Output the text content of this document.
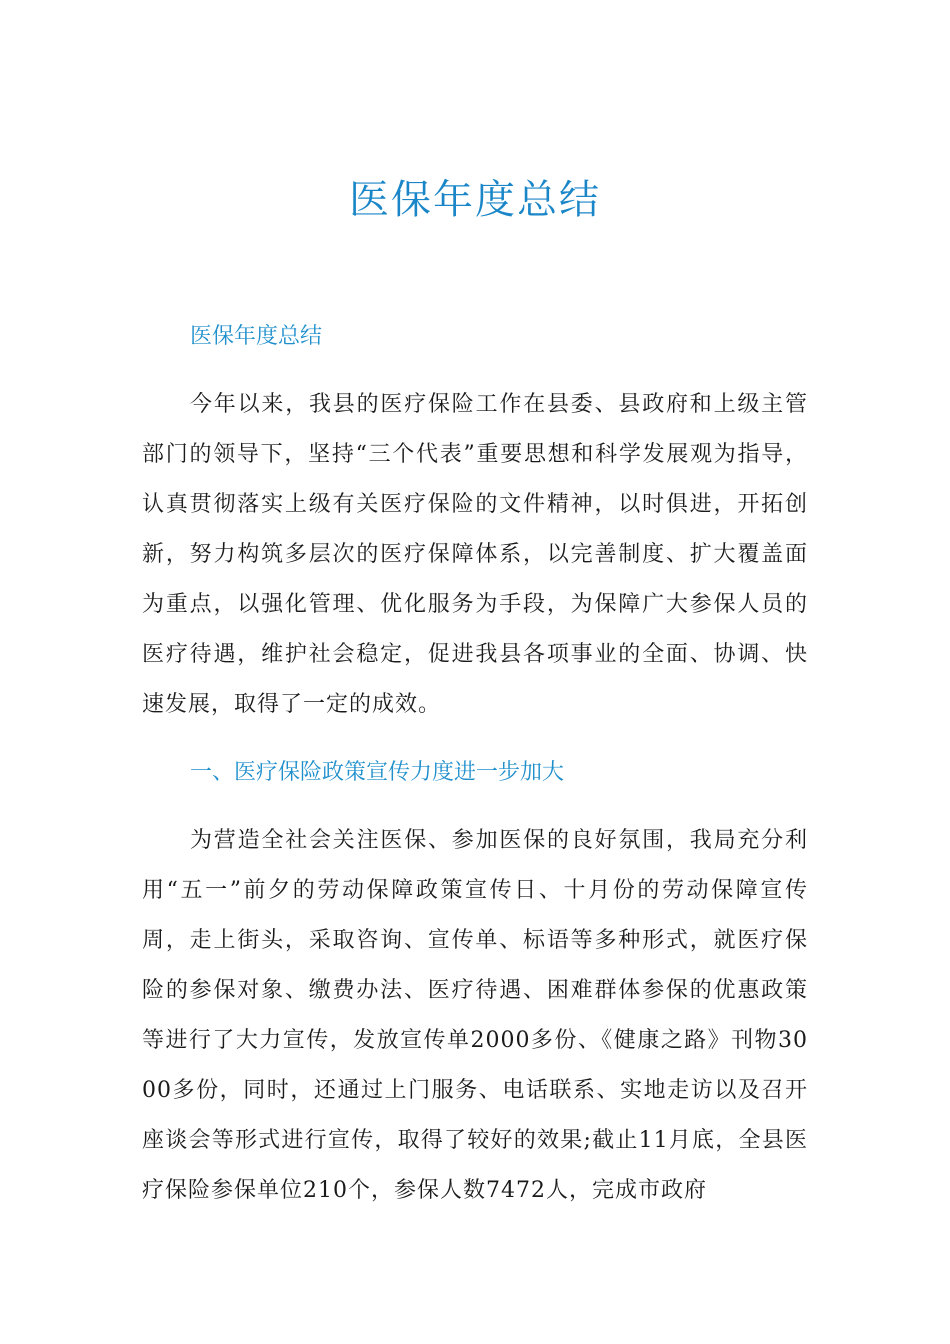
医保年度总结
医保年度总结

今年以来，我县的医疗保险工作在县委、县政府和上级主管部门的领导下，坚持“三个代表”重要思想和科学发展观为指导，认真贯彻落实上级有关医疗保险的文件精神，以时俱进，开拓创新，努力构筑多层次的医疗保障体系，以完善制度、扩大覆盖面为重点，以强化管理、优化服务为手段，为保障广大参保人员的医疗待遇，维护社会稳定，促进我县各项事业的全面、协调、快速发展，取得了一定的成效。

一、医疗保险政策宣传力度进一步加大

为营造全社会关注医保、参加医保的良好氛围，我局充分利用“五一”前夕的劳动保障政策宣传日、十月份的劳动保障宣传周，走上街头，采取咨询、宣传单、标语等多种形式，就医疗保险的参保对象、缴费办法、医疗待遇、困难群体参保的优惠政策等进行了大力宣传，发放宣传单2000多份、《健康之路》刊物3000多份，同时，还通过上门服务、电话联系、实地走访以及召开座谈会等形式进行宣传，取得了较好的效果;截止11月底，全县医疗保险参保单位210个，参保人数7472人，完成市政府
